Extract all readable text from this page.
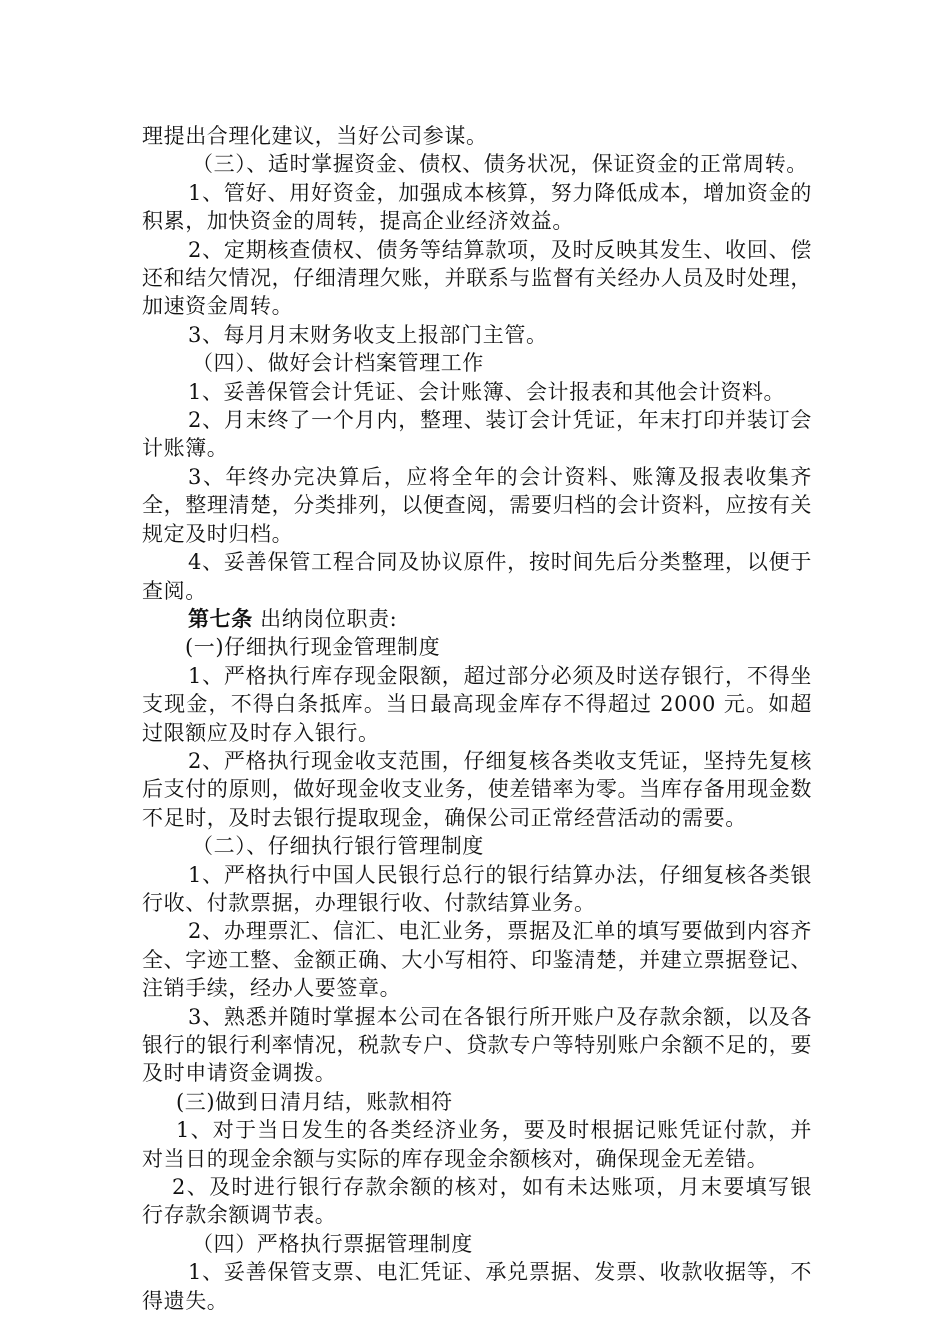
理提出合理化建议，当好公司参谋。

（三）、适时掌握资金、债权、债务状况，保证资金的正常周转。

1、管好、用好资金，加强成本核算，努力降低成本，增加资金的积累，加快资金的周转，提高企业经济效益。

2、定期核查债权、债务等结算款项，及时反映其发生、收回、偿还和结欠情况，仔细清理欠账，并联系与监督有关经办人员及时处理，加速资金周转。

3、每月月末财务收支上报部门主管。

（四）、做好会计档案管理工作

1、妥善保管会计凭证、会计账簿、会计报表和其他会计资料。

2、月末终了一个月内，整理、装订会计凭证，年末打印并装订会计账簿。

3、年终办完决算后，应将全年的会计资料、账簿及报表收集齐全，整理清楚，分类排列，以便查阅，需要归档的会计资料，应按有关规定及时归档。

4、妥善保管工程合同及协议原件，按时间先后分类整理，以便于查阅。

第七条 出纳岗位职责:

(一)仔细执行现金管理制度

1、严格执行库存现金限额，超过部分必须及时送存银行，不得坐支现金，不得白条抵库。当日最高现金库存不得超过 2000 元。如超过限额应及时存入银行。

2、严格执行现金收支范围，仔细复核各类收支凭证，坚持先复核后支付的原则，做好现金收支业务，使差错率为零。当库存备用现金数不足时，及时去银行提取现金，确保公司正常经营活动的需要。

（二）、仔细执行银行管理制度

1、严格执行中国人民银行总行的银行结算办法，仔细复核各类银行收、付款票据，办理银行收、付款结算业务。

2、办理票汇、信汇、电汇业务，票据及汇单的填写要做到内容齐全、字迹工整、金额正确、大小写相符、印鉴清楚，并建立票据登记、注销手续，经办人要签章。

3、熟悉并随时掌握本公司在各银行所开账户及存款余额，以及各银行的银行利率情况，税款专户、贷款专户等特别账户余额不足的，要及时申请资金调拨。

(三)做到日清月结，账款相符

1、对于当日发生的各类经济业务，要及时根据记账凭证付款，并对当日的现金余额与实际的库存现金余额核对，确保现金无差错。

2、及时进行银行存款余额的核对，如有未达账项，月末要填写银行存款余额调节表。

（四）严格执行票据管理制度

1、妥善保管支票、电汇凭证、承兑票据、发票、收款收据等，不得遗失。
